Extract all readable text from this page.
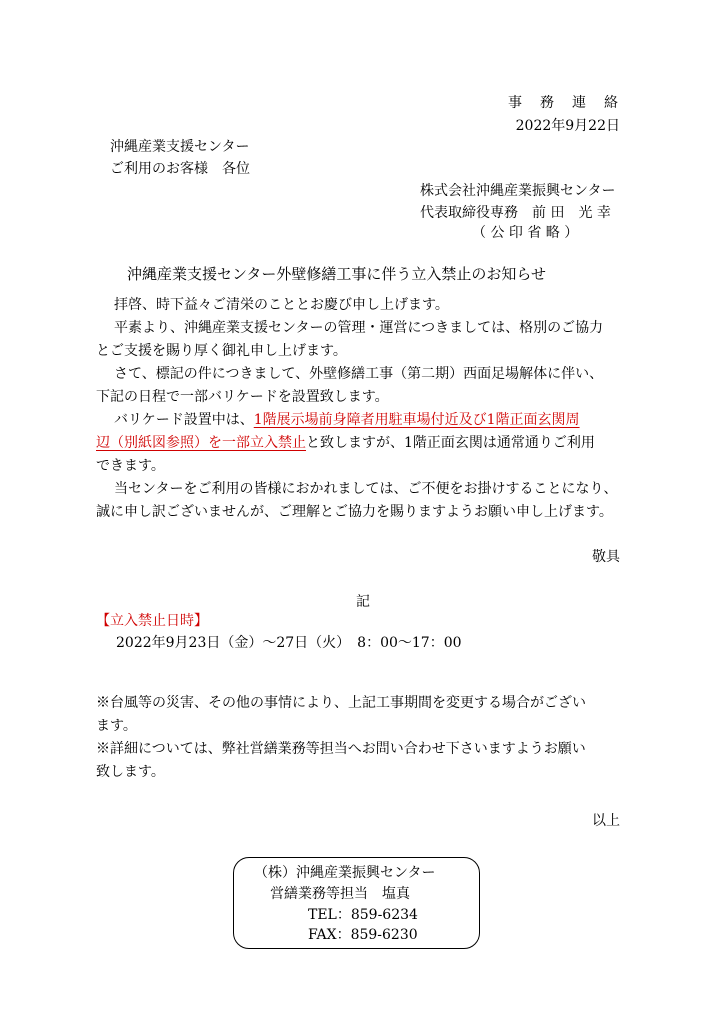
事　務　連　絡
2022年9月22日
沖縄産業支援センター
ご利用のお客様　各位
株式会社沖縄産業振興センター
代表取締役専務　前 田　光 幸
（ 公 印 省 略 ）
沖縄産業支援センター外壁修繕工事に伴う立入禁止のお知らせ
拝啓、時下益々ご清栄のこととお慶び申し上げます。
平素より、沖縄産業支援センターの管理・運営につきましては、格別のご協力
とご支援を賜り厚く御礼申し上げます。
さて、標記の件につきまして、外壁修繕工事（第二期）西面足場解体に伴い、
下記の日程で一部バリケードを設置致します。
バリケード設置中は、1階展示場前身障者用駐車場付近及び1階正面玄関周
辺（別紙図参照）を一部立入禁止と致しますが、1階正面玄関は通常通りご利用
できます。
当センターをご利用の皆様におかれましては、ご不便をお掛けすることになり、
誠に申し訳ございませんが、ご理解とご協力を賜りますようお願い申し上げます。
敬具
記
【立入禁止日時】
2022年9月23日（金）～27日（火）　8：00～17：00
※台風等の災害、その他の事情により、上記工事期間を変更する場合がござい
ます。
※詳細については、弊社営繕業務等担当へお問い合わせ下さいますようお願い
致します。
以上
（株）沖縄産業振興センター
営繕業務等担当　塩真
TEL：859‐6234
FAX：859‐6230
